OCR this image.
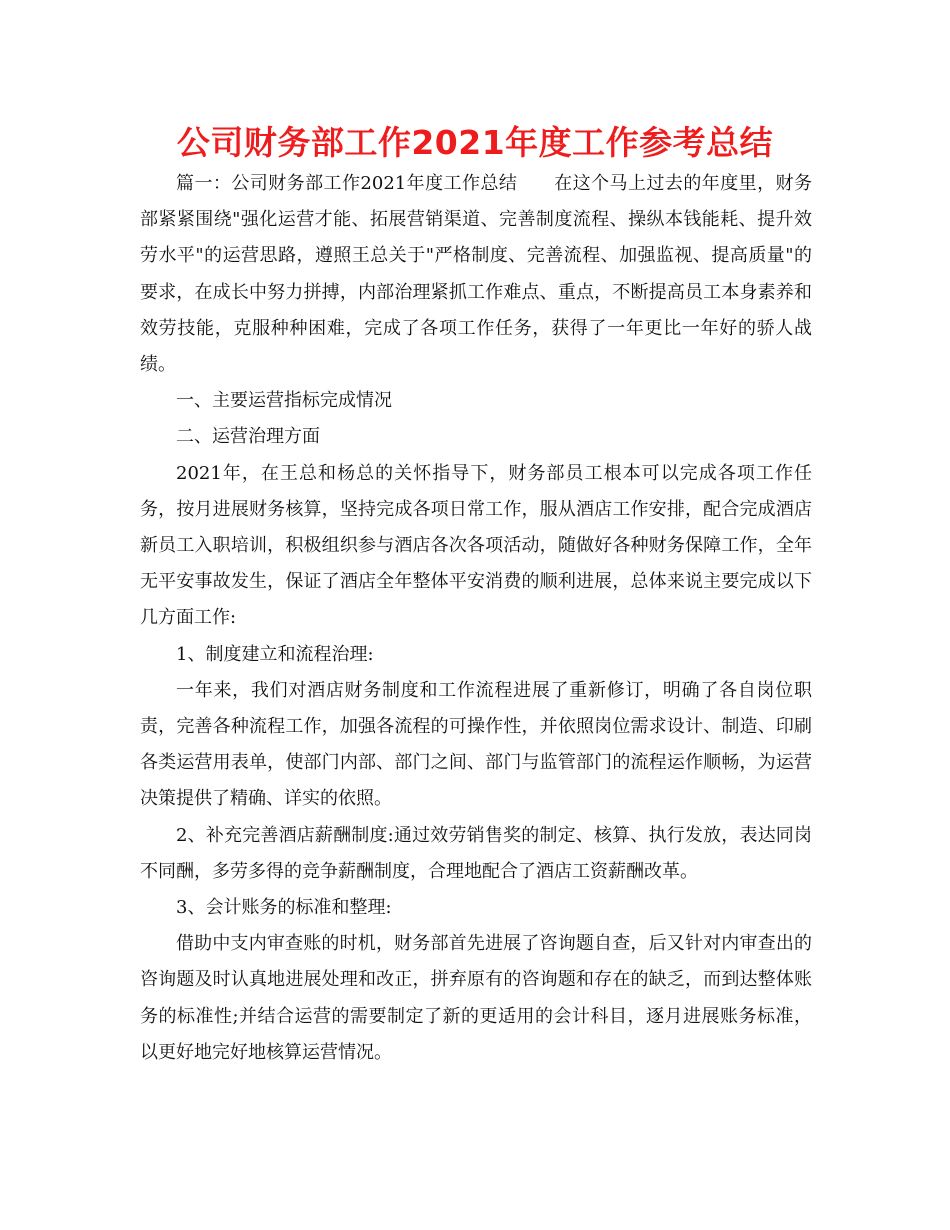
公司财务部工作2021年度工作参考总结

篇一：公司财务部工作2021年度工作总结　　在这个马上过去的年度里，财务部紧紧围绕"强化运营才能、拓展营销渠道、完善制度流程、操纵本钱能耗、提升效劳水平"的运营思路，遵照王总关于"严格制度、完善流程、加强监视、提高质量"的要求，在成长中努力拼搏，内部治理紧抓工作难点、重点，不断提高员工本身素养和效劳技能，克服种种困难，完成了各项工作任务，获得了一年更比一年好的骄人战绩。

一、主要运营指标完成情况

二、运营治理方面

2021年，在王总和杨总的关怀指导下，财务部员工根本可以完成各项工作任务，按月进展财务核算，坚持完成各项日常工作，服从酒店工作安排，配合完成酒店新员工入职培训，积极组织参与酒店各次各项活动，随做好各种财务保障工作，全年无平安事故发生，保证了酒店全年整体平安消费的顺利进展，总体来说主要完成以下几方面工作:

1、制度建立和流程治理:

一年来，我们对酒店财务制度和工作流程进展了重新修订，明确了各自岗位职责，完善各种流程工作，加强各流程的可操作性，并依照岗位需求设计、制造、印刷各类运营用表单，使部门内部、部门之间、部门与监管部门的流程运作顺畅，为运营决策提供了精确、详实的依照。

2、补充完善酒店薪酬制度:通过效劳销售奖的制定、核算、执行发放，表达同岗不同酬，多劳多得的竞争薪酬制度，合理地配合了酒店工资薪酬改革。

3、会计账务的标准和整理:

借助中支内审查账的时机，财务部首先进展了咨询题自查，后又针对内审查出的咨询题及时认真地进展处理和改正，拼弃原有的咨询题和存在的缺乏，而到达整体账务的标准性;并结合运营的需要制定了新的更适用的会计科目，逐月进展账务标准，以更好地完好地核算运营情况。
